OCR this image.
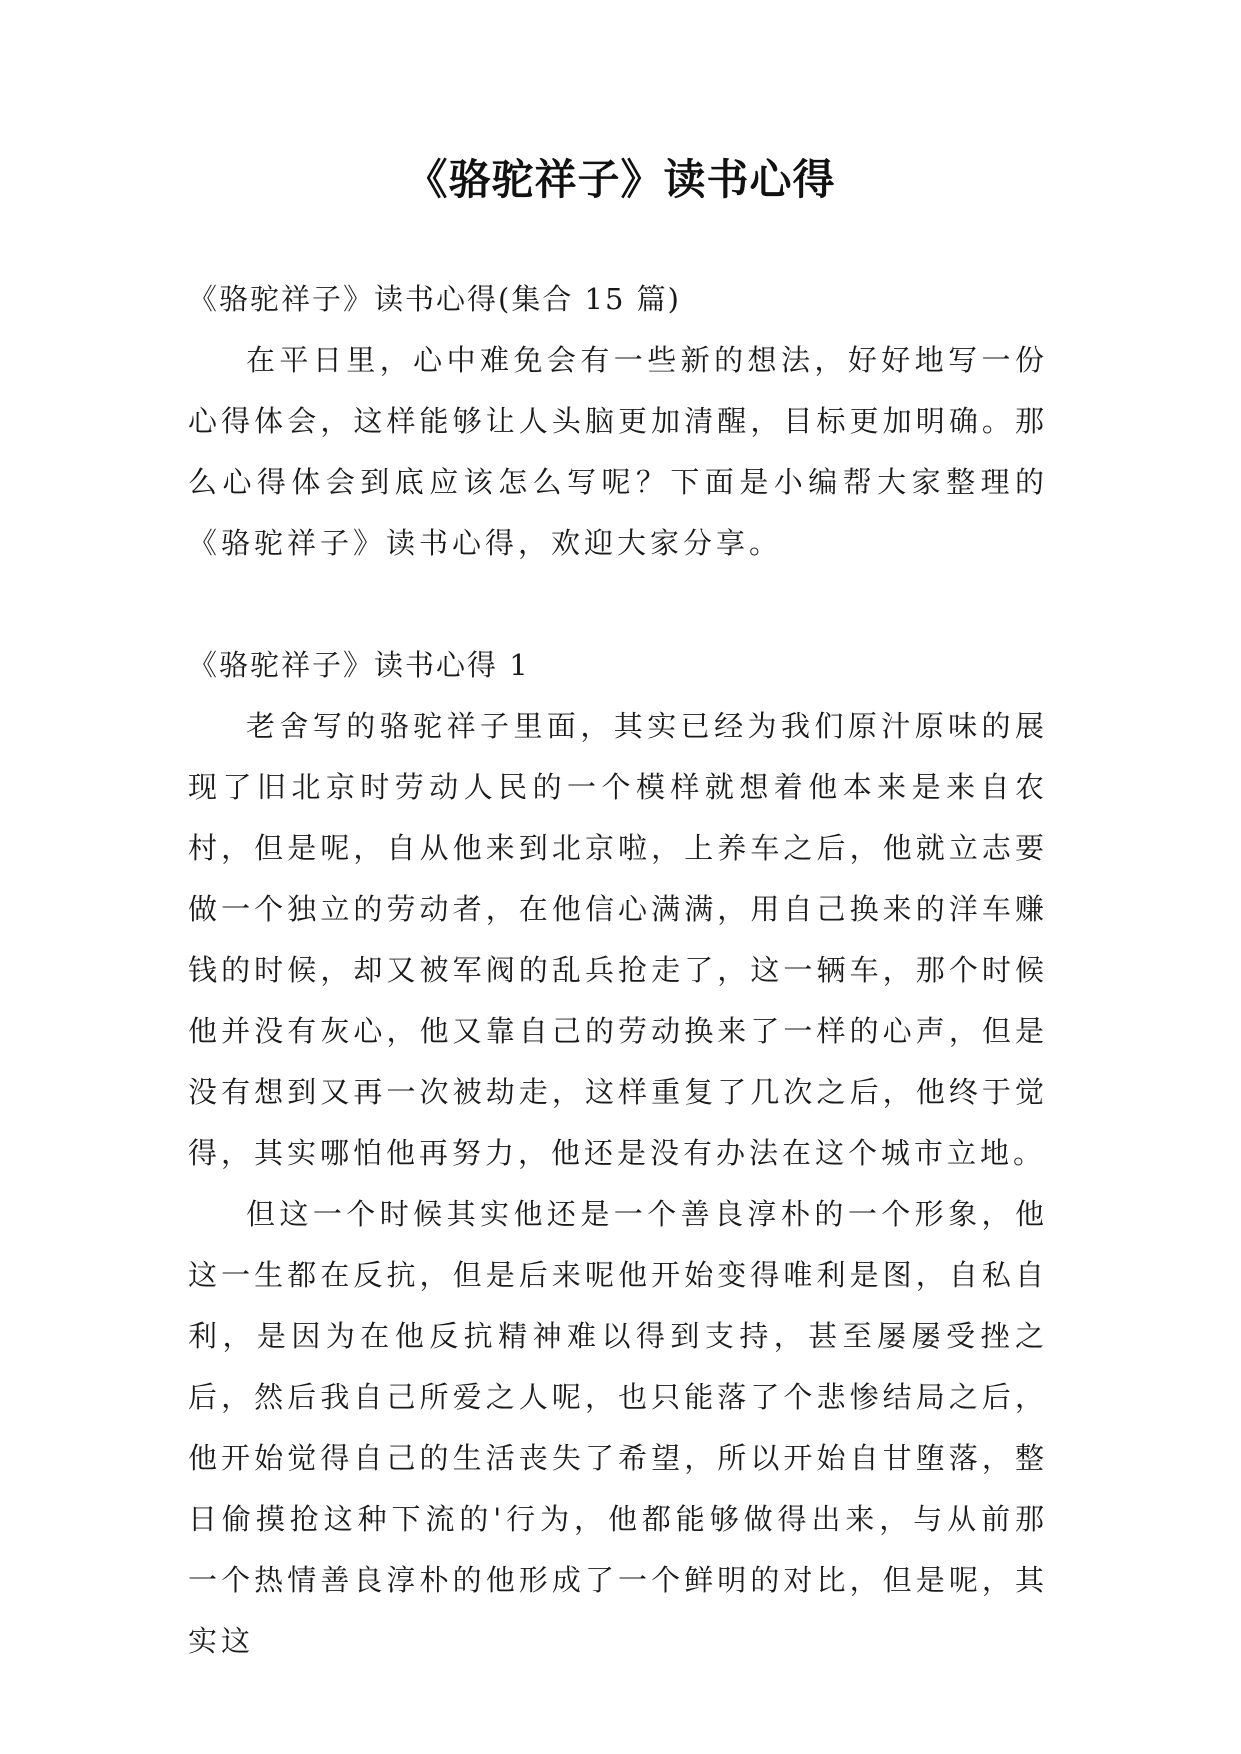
《骆驼祥子》读书心得

《骆驼祥子》读书心得(集合 15 篇)

在平日里，心中难免会有一些新的想法，好好地写一份心得体会，这样能够让人头脑更加清醒，目标更加明确。那么心得体会到底应该怎么写呢？下面是小编帮大家整理的《骆驼祥子》读书心得，欢迎大家分享。

《骆驼祥子》读书心得 1

老舍写的骆驼祥子里面，其实已经为我们原汁原味的展现了旧北京时劳动人民的一个模样就想着他本来是来自农村，但是呢，自从他来到北京啦，上养车之后，他就立志要做一个独立的劳动者，在他信心满满，用自己换来的洋车赚钱的时候，却又被军阀的乱兵抢走了，这一辆车，那个时候他并没有灰心，他又靠自己的劳动换来了一样的心声，但是没有想到又再一次被劫走，这样重复了几次之后，他终于觉得，其实哪怕他再努力，他还是没有办法在这个城市立地。

但这一个时候其实他还是一个善良淳朴的一个形象，他这一生都在反抗，但是后来呢他开始变得唯利是图，自私自利，是因为在他反抗精神难以得到支持，甚至屡屡受挫之后，然后我自己所爱之人呢，也只能落了个悲惨结局之后，他开始觉得自己的生活丧失了希望，所以开始自甘堕落，整日偷摸抢这种下流的'行为，他都能够做得出来，与从前那一个热情善良淳朴的他形成了一个鲜明的对比，但是呢，其实这
